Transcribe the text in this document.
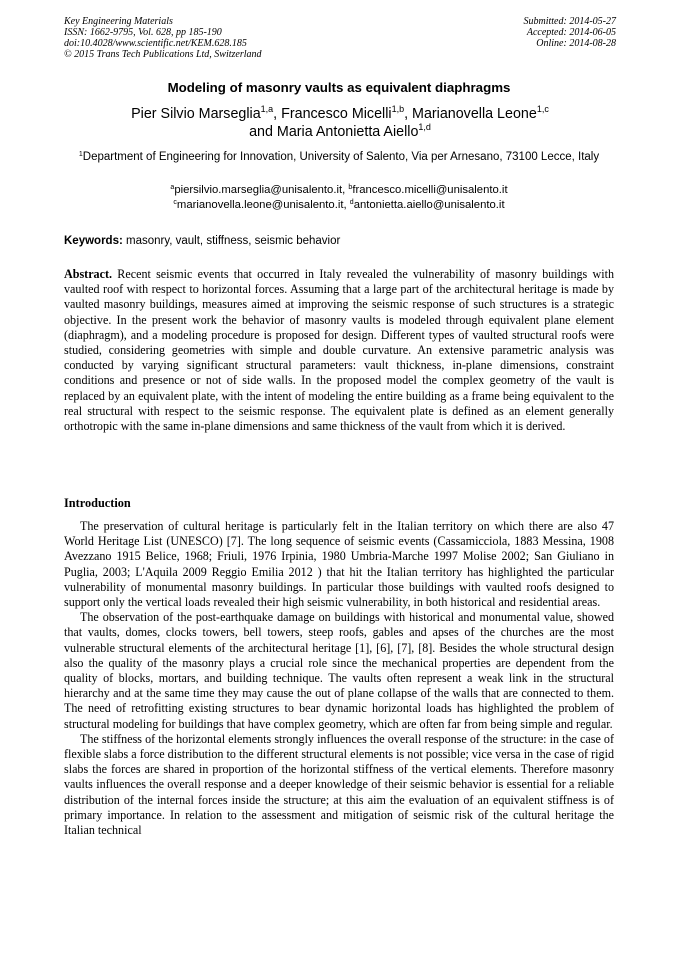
Key Engineering Materials
ISSN: 1662-9795, Vol. 628, pp 185-190
doi:10.4028/www.scientific.net/KEM.628.185
© 2015 Trans Tech Publications Ltd, Switzerland
Submitted: 2014-05-27
Accepted: 2014-06-05
Online: 2014-08-28
Modeling of masonry vaults as equivalent diaphragms
Pier Silvio Marseglia$^{1,a}$, Francesco Micelli$^{1,b}$, Marianovella Leone$^{1,c}$
and Maria Antonietta Aiello$^{1,d}$
$^1$Department of Engineering for Innovation, University of Salento, Via per Arnesano, 73100 Lecce, Italy
$^a$piersilvio.marseglia@unisalento.it, $^b$francesco.micelli@unisalento.it
$^c$marianovella.leone@unisalento.it, $^d$antonietta.aiello@unisalento.it
Keywords: masonry, vault, stiffness, seismic behavior
Abstract. Recent seismic events that occurred in Italy revealed the vulnerability of masonry buildings with vaulted roof with respect to horizontal forces. Assuming that a large part of the architectural heritage is made by vaulted masonry buildings, measures aimed at improving the seismic response of such structures is a strategic objective. In the present work the behavior of masonry vaults is modeled through equivalent plane element (diaphragm), and a modeling procedure is proposed for design. Different types of vaulted structural roofs were studied, considering geometries with simple and double curvature. An extensive parametric analysis was conducted by varying significant structural parameters: vault thickness, in-plane dimensions, constraint conditions and presence or not of side walls. In the proposed model the complex geometry of the vault is replaced by an equivalent plate, with the intent of modeling the entire building as a frame being equivalent to the real structural with respect to the seismic response. The equivalent plate is defined as an element generally orthotropic with the same in-plane dimensions and same thickness of the vault from which it is derived.
Introduction

The preservation of cultural heritage is particularly felt in the Italian territory on which there are also 47 World Heritage List (UNESCO) [7]. The long sequence of seismic events (Cassamicciola, 1883 Messina, 1908 Avezzano 1915 Belice, 1968; Friuli, 1976 Irpinia, 1980 Umbria-Marche 1997 Molise 2002; San Giuliano in Puglia, 2003; L'Aquila 2009 Reggio Emilia 2012 ) that hit the Italian territory has highlighted the particular vulnerability of monumental masonry buildings. In particular those buildings with vaulted roofs designed to support only the vertical loads revealed their high seismic vulnerability, in both historical and residential areas.

The observation of the post-earthquake damage on buildings with historical and monumental value, showed that vaults, domes, clocks towers, bell towers, steep roofs, gables and apses of the churches are the most vulnerable structural elements of the architectural heritage [1], [6], [7], [8]. Besides the whole structural design also the quality of the masonry plays a crucial role since the mechanical properties are dependent from the quality of blocks, mortars, and building technique. The vaults often represent a weak link in the structural hierarchy and at the same time they may cause the out of plane collapse of the walls that are connected to them. The need of retrofitting existing structures to bear dynamic horizontal loads has highlighted the problem of structural modeling for buildings that have complex geometry, which are often far from being simple and regular.

The stiffness of the horizontal elements strongly influences the overall response of the structure: in the case of flexible slabs a force distribution to the different structural elements is not possible; vice versa in the case of rigid slabs the forces are shared in proportion of the horizontal stiffness of the vertical elements. Therefore masonry vaults influences the overall response and a deeper knowledge of their seismic behavior is essential for a reliable distribution of the internal forces inside the structure; at this aim the evaluation of an equivalent stiffness is of primary importance. In relation to the assessment and mitigation of seismic risk of the cultural heritage the Italian technical
